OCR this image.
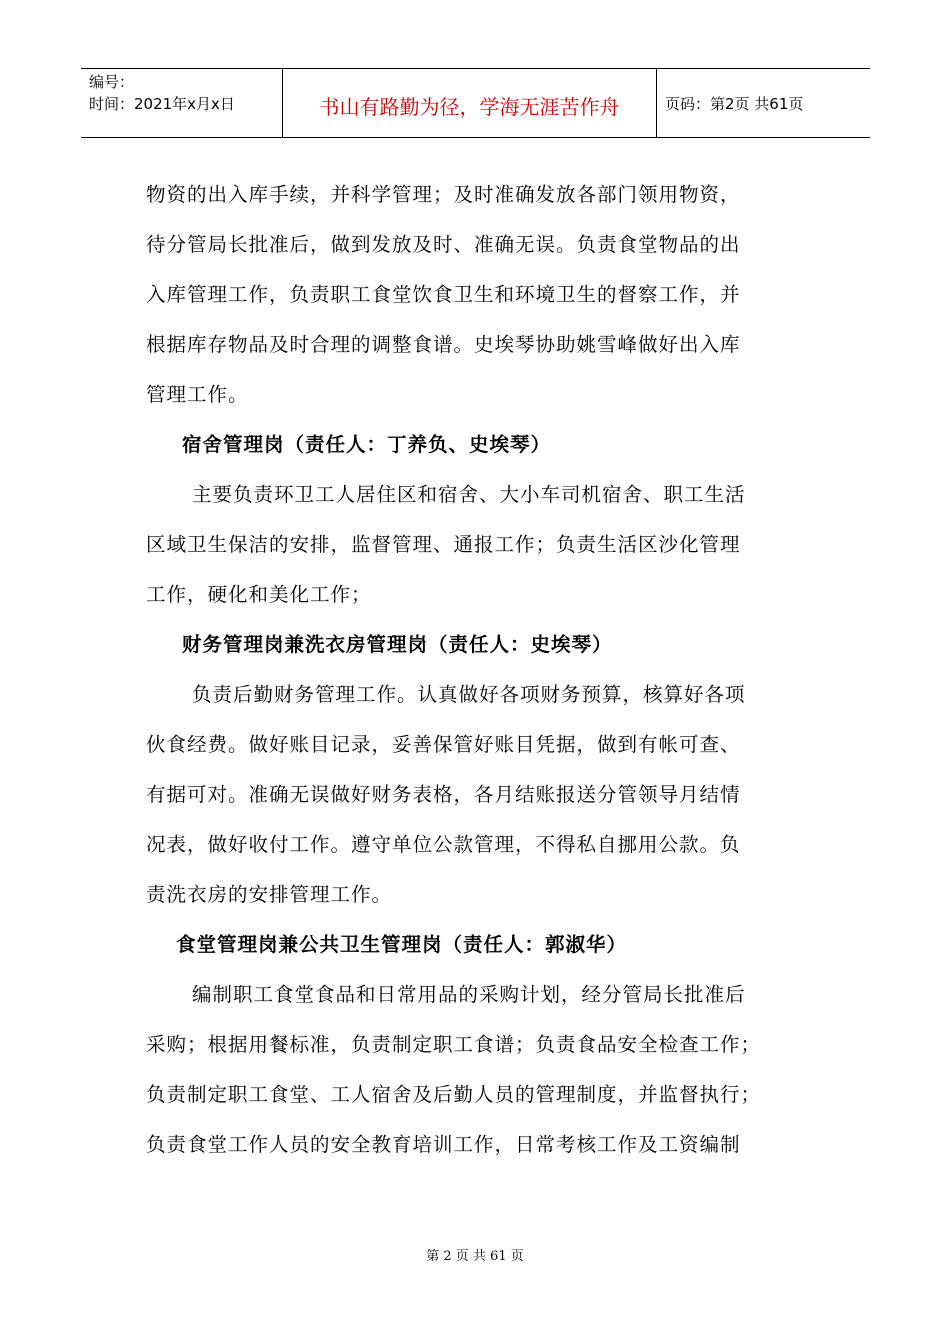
编号：
时间：2021年x月x日	书山有路勤为径，学海无涯苦作舟	页码：第2页 共61页
物资的出入库手续，并科学管理；及时准确发放各部门领用物资，
待分管局长批准后，做到发放及时、准确无误。负责食堂物品的出
入库管理工作，负责职工食堂饮食卫生和环境卫生的督察工作，并
根据库存物品及时合理的调整食谱。史埃琴协助姚雪峰做好出入库
管理工作。
宿舍管理岗（责任人：丁养负、史埃琴）
主要负责环卫工人居住区和宿舍、大小车司机宿舍、职工生活
区域卫生保洁的安排，监督管理、通报工作；负责生活区沙化管理
工作，硬化和美化工作；
财务管理岗兼洗衣房管理岗（责任人：史埃琴）
负责后勤财务管理工作。认真做好各项财务预算，核算好各项
伙食经费。做好账目记录，妥善保管好账目凭据，做到有帐可查、
有据可对。准确无误做好财务表格，各月结账报送分管领导月结情
况表，做好收付工作。遵守单位公款管理，不得私自挪用公款。负
责洗衣房的安排管理工作。
食堂管理岗兼公共卫生管理岗（责任人：郭淑华）
编制职工食堂食品和日常用品的采购计划，经分管局长批准后
采购；根据用餐标准，负责制定职工食谱；负责食品安全检查工作；
负责制定职工食堂、工人宿舍及后勤人员的管理制度，并监督执行；
负责食堂工作人员的安全教育培训工作，日常考核工作及工资编制
第 2 页 共 61 页
